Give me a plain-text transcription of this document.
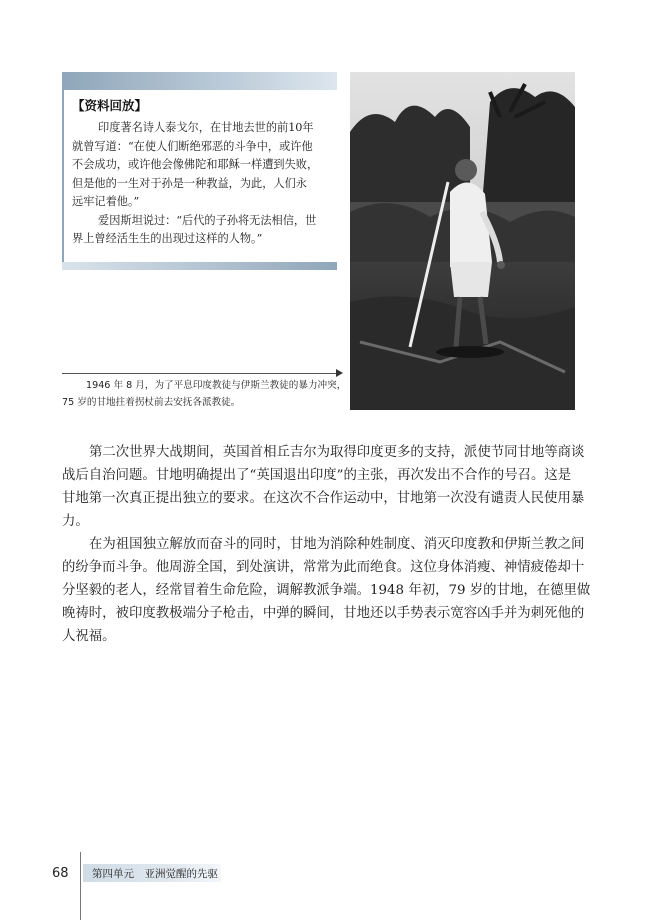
【资料回放】
印度著名诗人泰戈尔，在甘地去世的前10年
就曾写道：“在使人们断绝邪恶的斗争中，或许他
不会成功，或许他会像佛陀和耶稣一样遭到失败，
但是他的一生对于孙是一种教益，为此，人们永
远牢记着他。”
爱因斯坦说过：“后代的子孙将无法相信，世
界上曾经活生生的出现过这样的人物。”
1946 年 8 月，为了平息印度教徒与伊斯兰教徒的暴力冲突，
75 岁的甘地拄着拐杖前去安抚各派教徒。
第二次世界大战期间，英国首相丘吉尔为取得印度更多的支持，派使节同甘地等商谈
战后自治问题。甘地明确提出了“英国退出印度”的主张，再次发出不合作的号召。这是
甘地第一次真正提出独立的要求。在这次不合作运动中，甘地第一次没有谴责人民使用暴
力。
在为祖国独立解放而奋斗的同时，甘地为消除种姓制度、消灭印度教和伊斯兰教之间
的纷争而斗争。他周游全国，到处演讲，常常为此而绝食。这位身体消瘦、神情疲倦却十
分坚毅的老人，经常冒着生命危险，调解教派争端。1948 年初，79 岁的甘地，在德里做
晚祷时，被印度教极端分子枪击，中弹的瞬间，甘地还以手势表示宽容凶手并为刺死他的
人祝福。
68 第四单元　亚洲觉醒的先驱
